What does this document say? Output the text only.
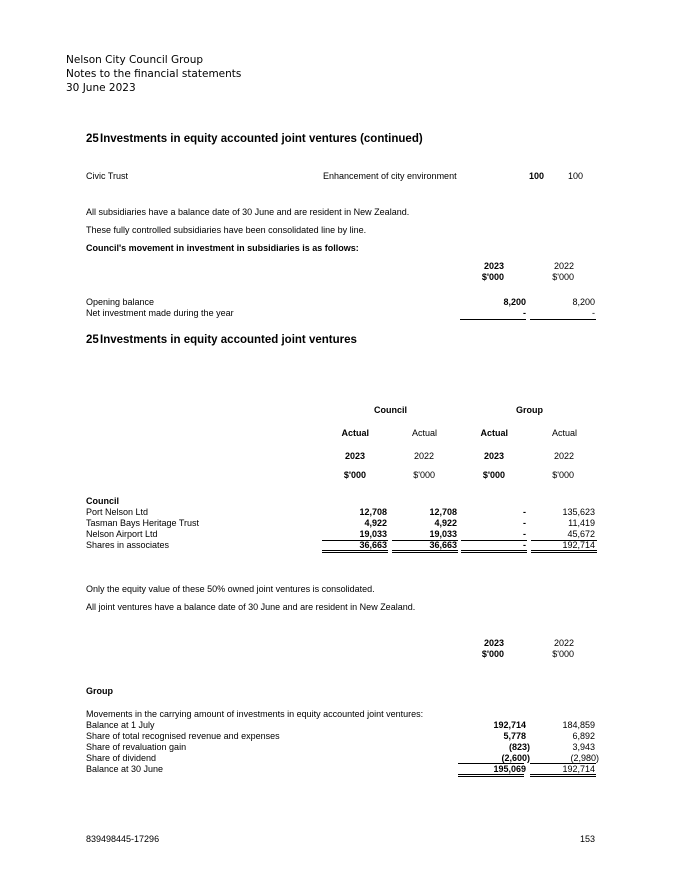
Nelson City Council Group
Notes to the financial statements
30 June 2023
25Investments in equity accounted joint ventures (continued)
Civic Trust	Enhancement of city environment	100	100
All subsidiaries have a balance date of 30 June and are resident in New Zealand.
These fully controlled subsidiaries have been consolidated line by line.
Council's movement in investment in subsidiaries is as follows:
2023	2022
$'000	$'000
Opening balance	8,200	8,200
Net investment made during the year	-	-
25Investments in equity accounted joint ventures
Council	Group
Actual	Actual	Actual	Actual
2023	2022	2023	2022
$'000	$'000	$'000	$'000
Council
Port Nelson Ltd	12,708	12,708	-	135,623
Tasman Bays Heritage Trust	4,922	4,922	-	11,419
Nelson Airport Ltd	19,033	19,033	-	45,672
Shares in associates	36,663	36,663	-	192,714
Only the equity value of these 50% owned joint ventures is consolidated.
All joint ventures have a balance date of 30 June and are resident in New Zealand.
2023	2022
$'000	$'000
Group
Movements in the carrying amount of investments in equity accounted joint ventures:
Balance at 1 July	192,714	184,859
Share of total recognised revenue and expenses	5,778	6,892
Share of revaluation gain	(823)	3,943
Share of dividend	(2,600)	(2,980)
Balance at 30 June	195,069	192,714
839498445-17296	153
